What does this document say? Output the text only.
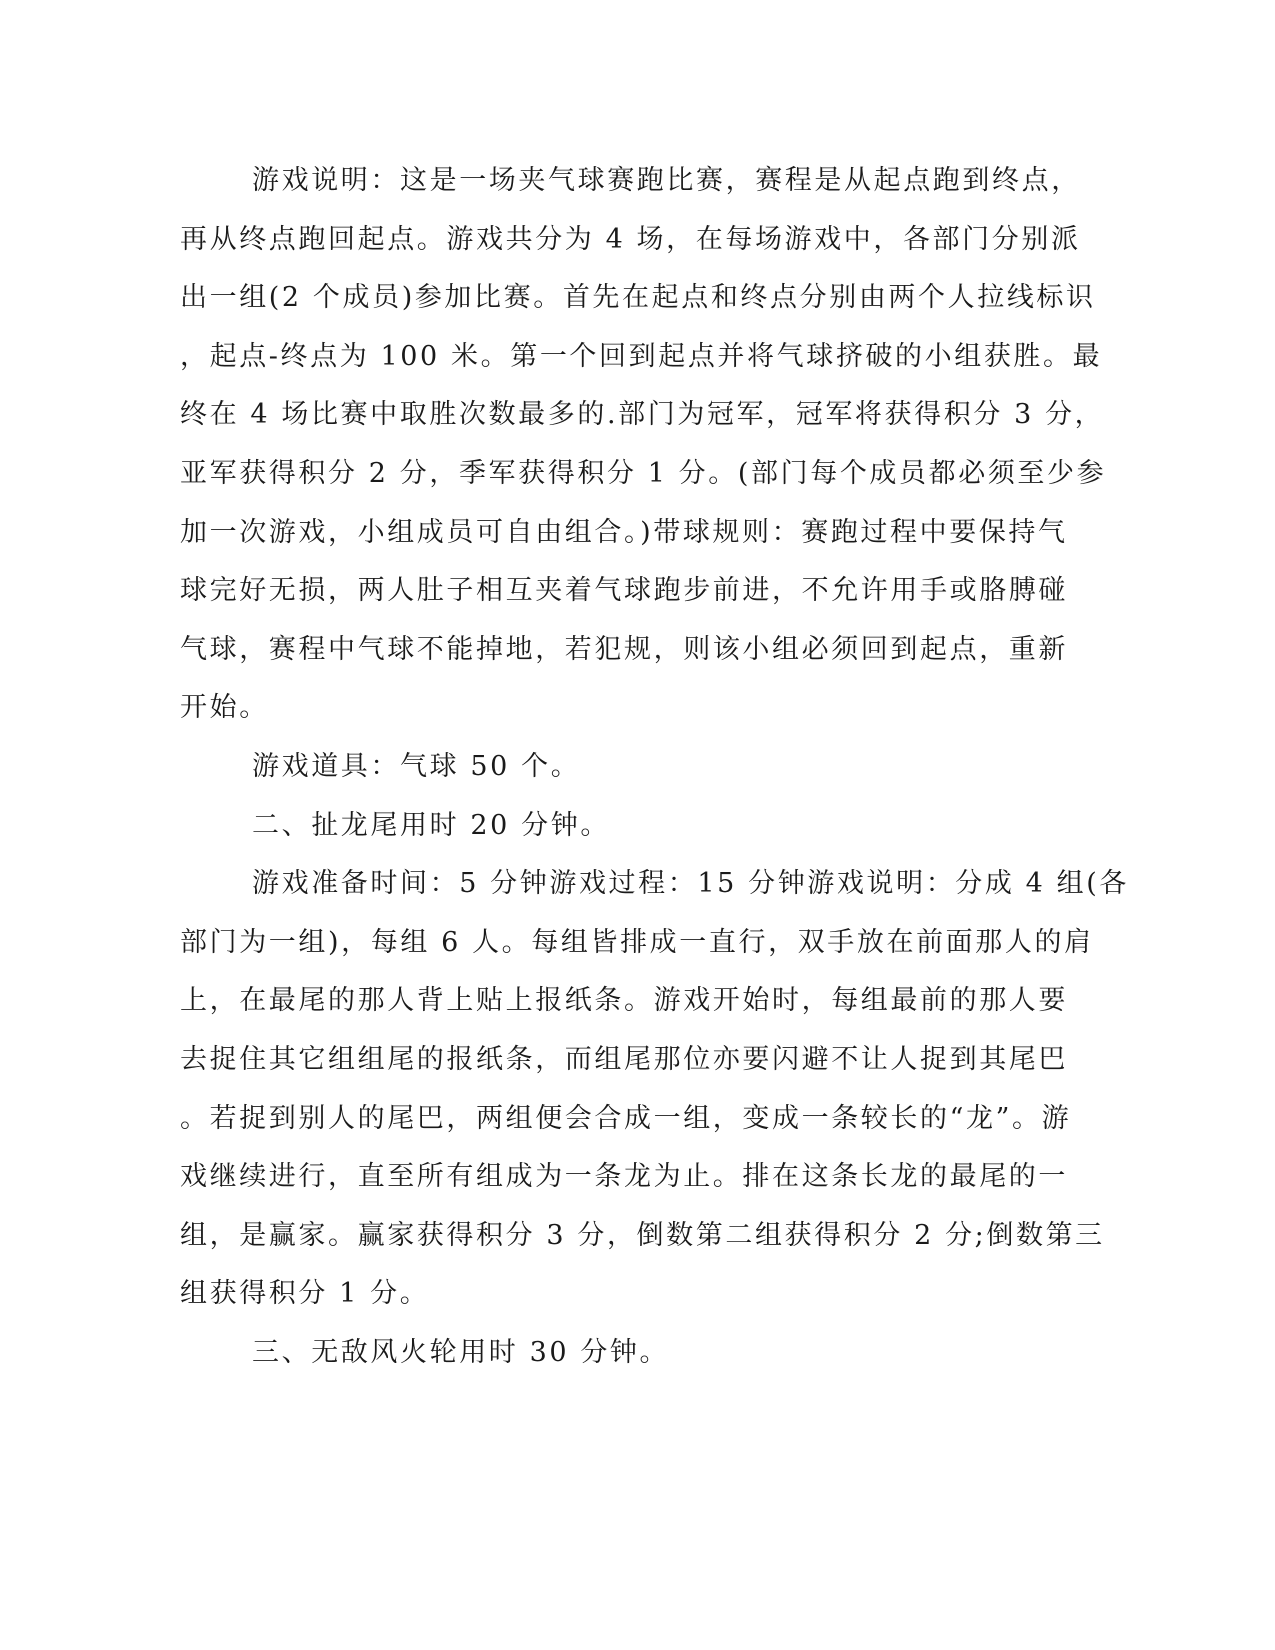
游戏说明：这是一场夹气球赛跑比赛，赛程是从起点跑到终点，
再从终点跑回起点。游戏共分为 4 场，在每场游戏中，各部门分别派
出一组(2 个成员)参加比赛。首先在起点和终点分别由两个人拉线标识
，起点-终点为 100 米。第一个回到起点并将气球挤破的小组获胜。最
终在 4 场比赛中取胜次数最多的.部门为冠军，冠军将获得积分 3 分，
亚军获得积分 2 分，季军获得积分 1 分。(部门每个成员都必须至少参
加一次游戏，小组成员可自由组合。)带球规则：赛跑过程中要保持气
球完好无损，两人肚子相互夹着气球跑步前进，不允许用手或胳膊碰
气球，赛程中气球不能掉地，若犯规，则该小组必须回到起点，重新
开始。
游戏道具：气球 50 个。
二、扯龙尾用时 20 分钟。
游戏准备时间：5 分钟游戏过程：15 分钟游戏说明：分成 4 组(各
部门为一组)，每组 6 人。每组皆排成一直行，双手放在前面那人的肩
上，在最尾的那人背上贴上报纸条。游戏开始时，每组最前的那人要
去捉住其它组组尾的报纸条，而组尾那位亦要闪避不让人捉到其尾巴
。若捉到别人的尾巴，两组便会合成一组，变成一条较长的“龙”。游
戏继续进行，直至所有组成为一条龙为止。排在这条长龙的最尾的一
组，是赢家。赢家获得积分 3 分，倒数第二组获得积分 2 分;倒数第三
组获得积分 1 分。
三、无敌风火轮用时 30 分钟。
